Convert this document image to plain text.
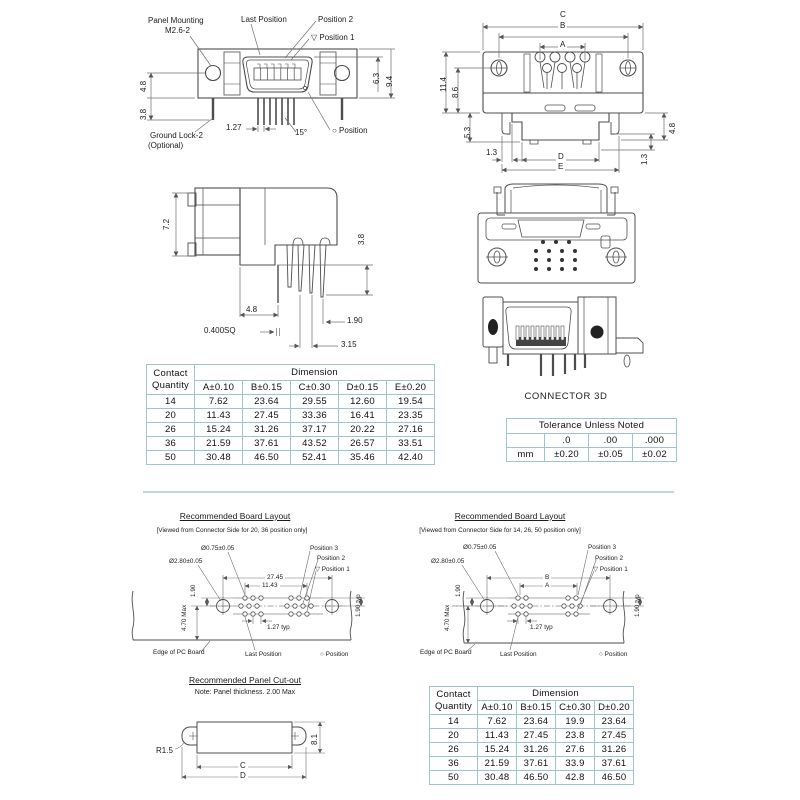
Panel Mounting
M2.6-2
Last Position	Position 2
▽ Position 1
Ground Lock-2
(Optional)
4.8
3.8
1.27
15°	○ Position
6.3 9.4
B
C
A
11.4
8.6
5.3
1.3	D
E
4.8
1.3
7.2
3.8
4.8
0.400SQ
1.90
3.15
CONNECTOR 3D
Contact
Quantity	Dimension				
	A±0.10	B±0.15	C±0.30	D±0.15	E±0.20
14	7.62	23.64	29.55	12.60	19.54
20	11.43	27.45	33.36	16.41	23.35
26	15.24	31.26	37.17	20.22	27.16
36	21.59	37.61	43.52	26.57	33.51
50	30.48	46.50	52.41	35.46	42.40
Tolerance Unless Noted			
	.0	.00	.000
mm	±0.20	±0.05	±0.02
Recommended Board Layout
[Viewed from Connector Side for 20, 36 position only]
Ø0.75±0.05
Ø2.80±0.05
Position 3
Position 2
▽ Position 1
27.45
11.43
1.90
4.70 Max	1.90 typ
1.27 typ
Edge of PC Board	Last Position	○ Position
Recommended Board Layout
[Viewed from Connector Side for 14, 26, 50 position only]
Ø0.75±0.05
Ø2.80±0.05
Position 3
Position 2
▽ Position 1
B
A
1.90
4.70 Max	1.90 typ
1.27 typ
Edge of PC Board	Last Position	○ Position
Recommended Panel Cut-out
Note: Panel thickness. 2.00 Max
R1.5
8.1
C
D
Contact
Quantity	Dimension			
	A±0.10	B±0.15	C±0.30	D±0.20
14	7.62	23.64	19.9	23.64
20	11.43	27.45	23.8	27.45
26	15.24	31.26	27.6	31.26
36	21.59	37.61	33.9	37.61
50	30.48	46.50	42.8	46.50
